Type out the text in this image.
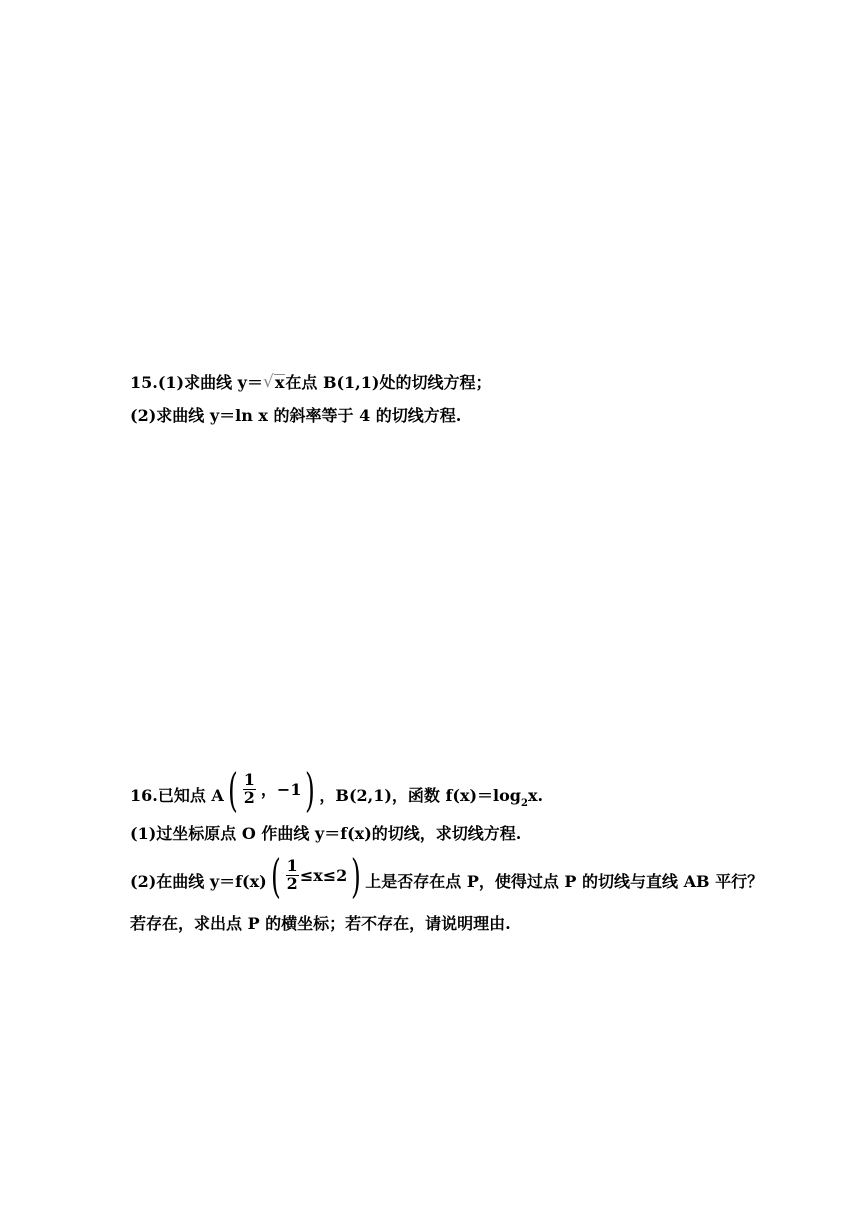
15.(1)求曲线 y＝ √ x 在点 B(1,1)处的切线方程；
(2)求曲线 y＝ln x 的斜率等于 4 的切线方程.
16.已知点 A ( $\frac{1}{2}$ ，−1 ) ，B(2,1)，函数 f(x)＝log 2 x.
(1)过坐标原点 O 作曲线 y＝f(x)的切线，求切线方程.
(2)在曲线 y＝f(x) ( $\frac{1}{2} \le x\le 2$ ) 上是否存在点 P，使得过点 P 的切线与直线 AB 平行？
若存在，求出点 P 的横坐标；若不存在，请说明理由.
